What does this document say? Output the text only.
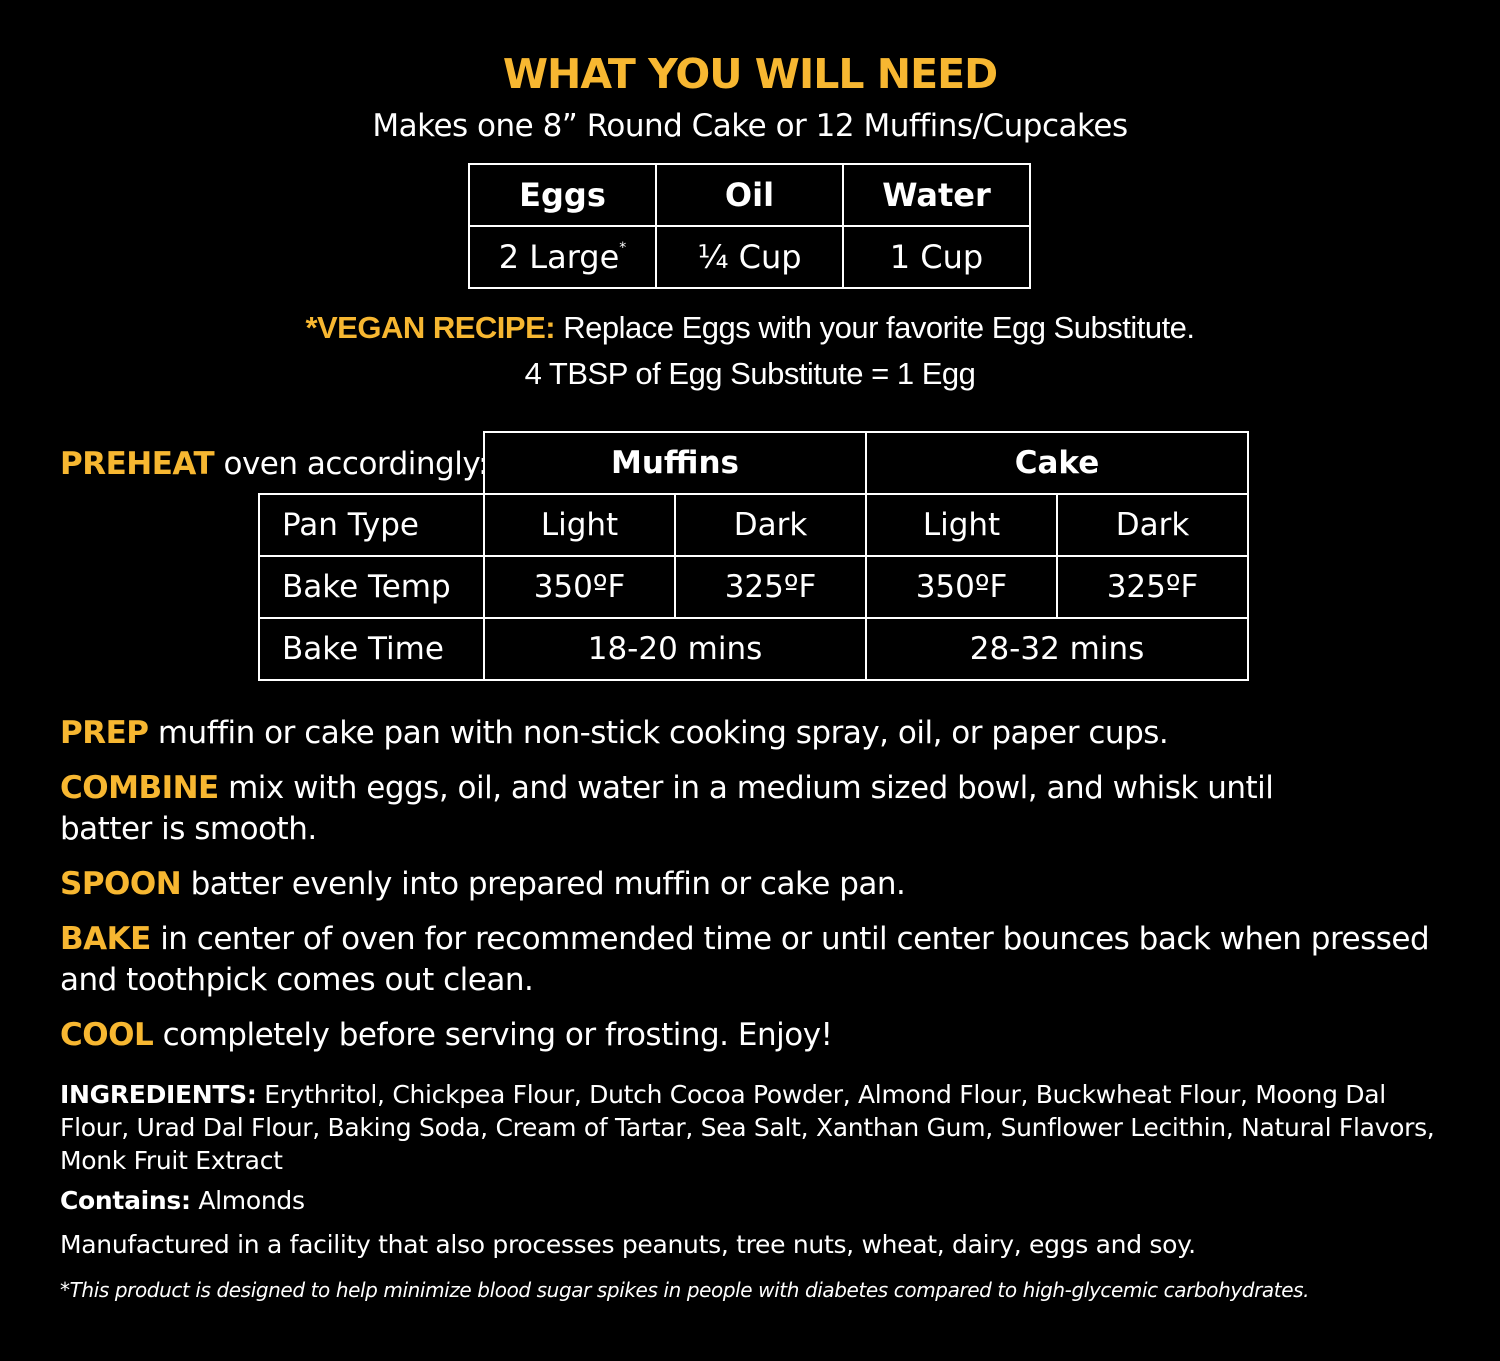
WHAT YOU WILL NEED
Makes one 8” Round Cake or 12 Muffins/Cupcakes
Eggs	Oil	Water
2 Large*	¼ Cup	1 Cup
*VEGAN RECIPE: Replace Eggs with your favorite Egg Substitute.
4 TBSP of Egg Substitute = 1 Egg
PREHEAT oven accordingly:
		Muffins		Cake	
Pan Type	Light	Dark	Light	Dark
Bake Temp	350ºF	325ºF	350ºF	325ºF
Bake Time	18-20 mins		28-32 mins	
PREP muffin or cake pan with non-stick cooking spray, oil, or paper cups.
COMBINE mix with eggs, oil, and water in a medium sized bowl, and whisk until
batter is smooth.
SPOON batter evenly into prepared muffin or cake pan.
BAKE in center of oven for recommended time or until center bounces back when pressed
and toothpick comes out clean.
COOL completely before serving or frosting. Enjoy!
INGREDIENTS: Erythritol, Chickpea Flour, Dutch Cocoa Powder, Almond Flour, Buckwheat Flour, Moong Dal Flour, Urad Dal Flour, Baking Soda, Cream of Tartar, Sea Salt, Xanthan Gum, Sunflower Lecithin, Natural Flavors, Monk Fruit Extract
Contains: Almonds
Manufactured in a facility that also processes peanuts, tree nuts, wheat, dairy, eggs and soy.
*This product is designed to help minimize blood sugar spikes in people with diabetes compared to high-glycemic carbohydrates.
